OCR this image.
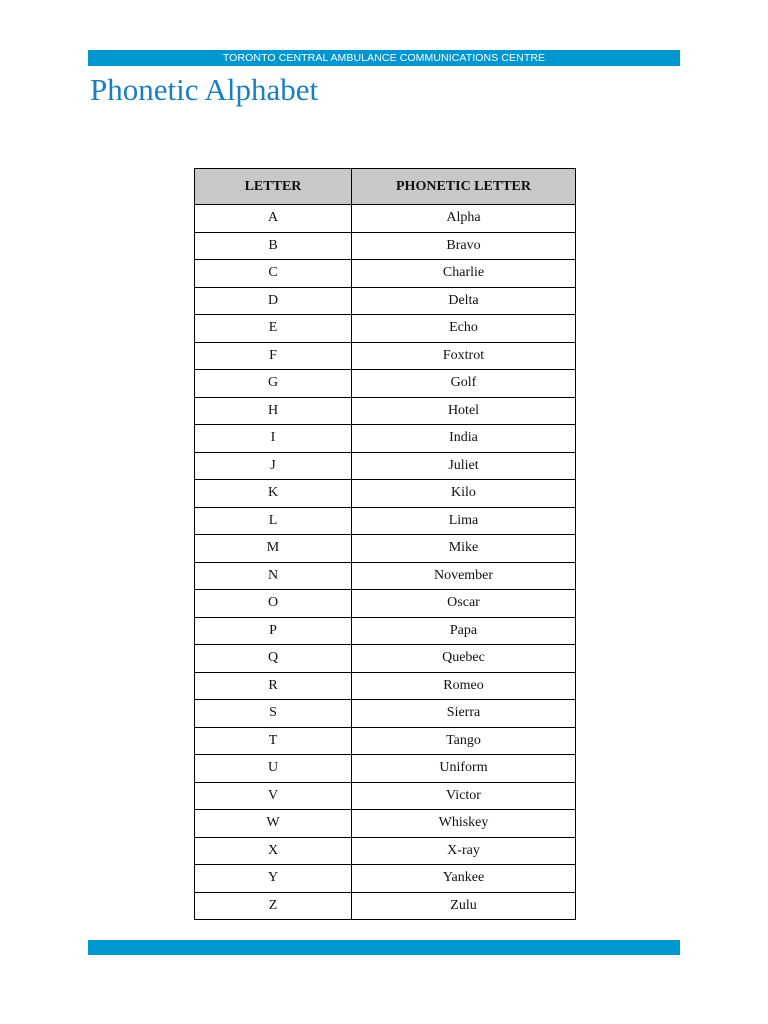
TORONTO CENTRAL AMBULANCE COMMUNICATIONS CENTRE
Phonetic Alphabet
LETTER	PHONETIC LETTER
A	Alpha
B	Bravo
C	Charlie
D	Delta
E	Echo
F	Foxtrot
G	Golf
H	Hotel
I	India
J	Juliet
K	Kilo
L	Lima
M	Mike
N	November
O	Oscar
P	Papa
Q	Quebec
R	Romeo
S	Sierra
T	Tango
U	Uniform
V	Victor
W	Whiskey
X	X-ray
Y	Yankee
Z	Zulu
